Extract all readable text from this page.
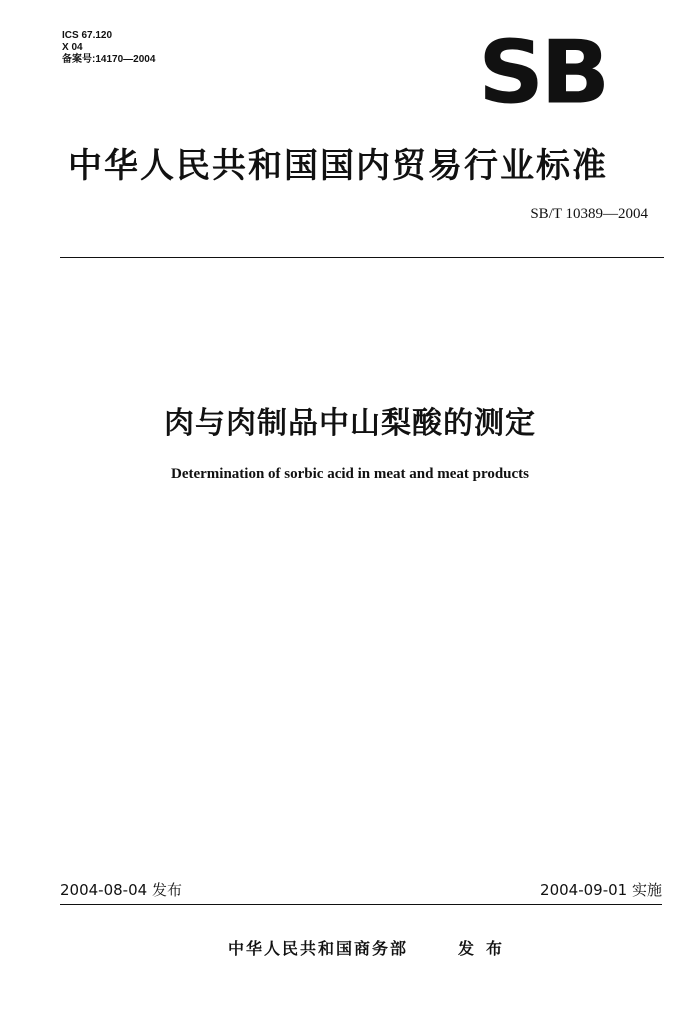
ICS 67.120
X 04
备案号:14170—2004	SB
中华人民共和国国内贸易行业标准
SB/T 10389—2004
肉与肉制品中山梨酸的测定
Determination of sorbic acid in meat and meat products
2004-08-04 发布	2004-09-01 实施
中华人民共和国商务部	发布
